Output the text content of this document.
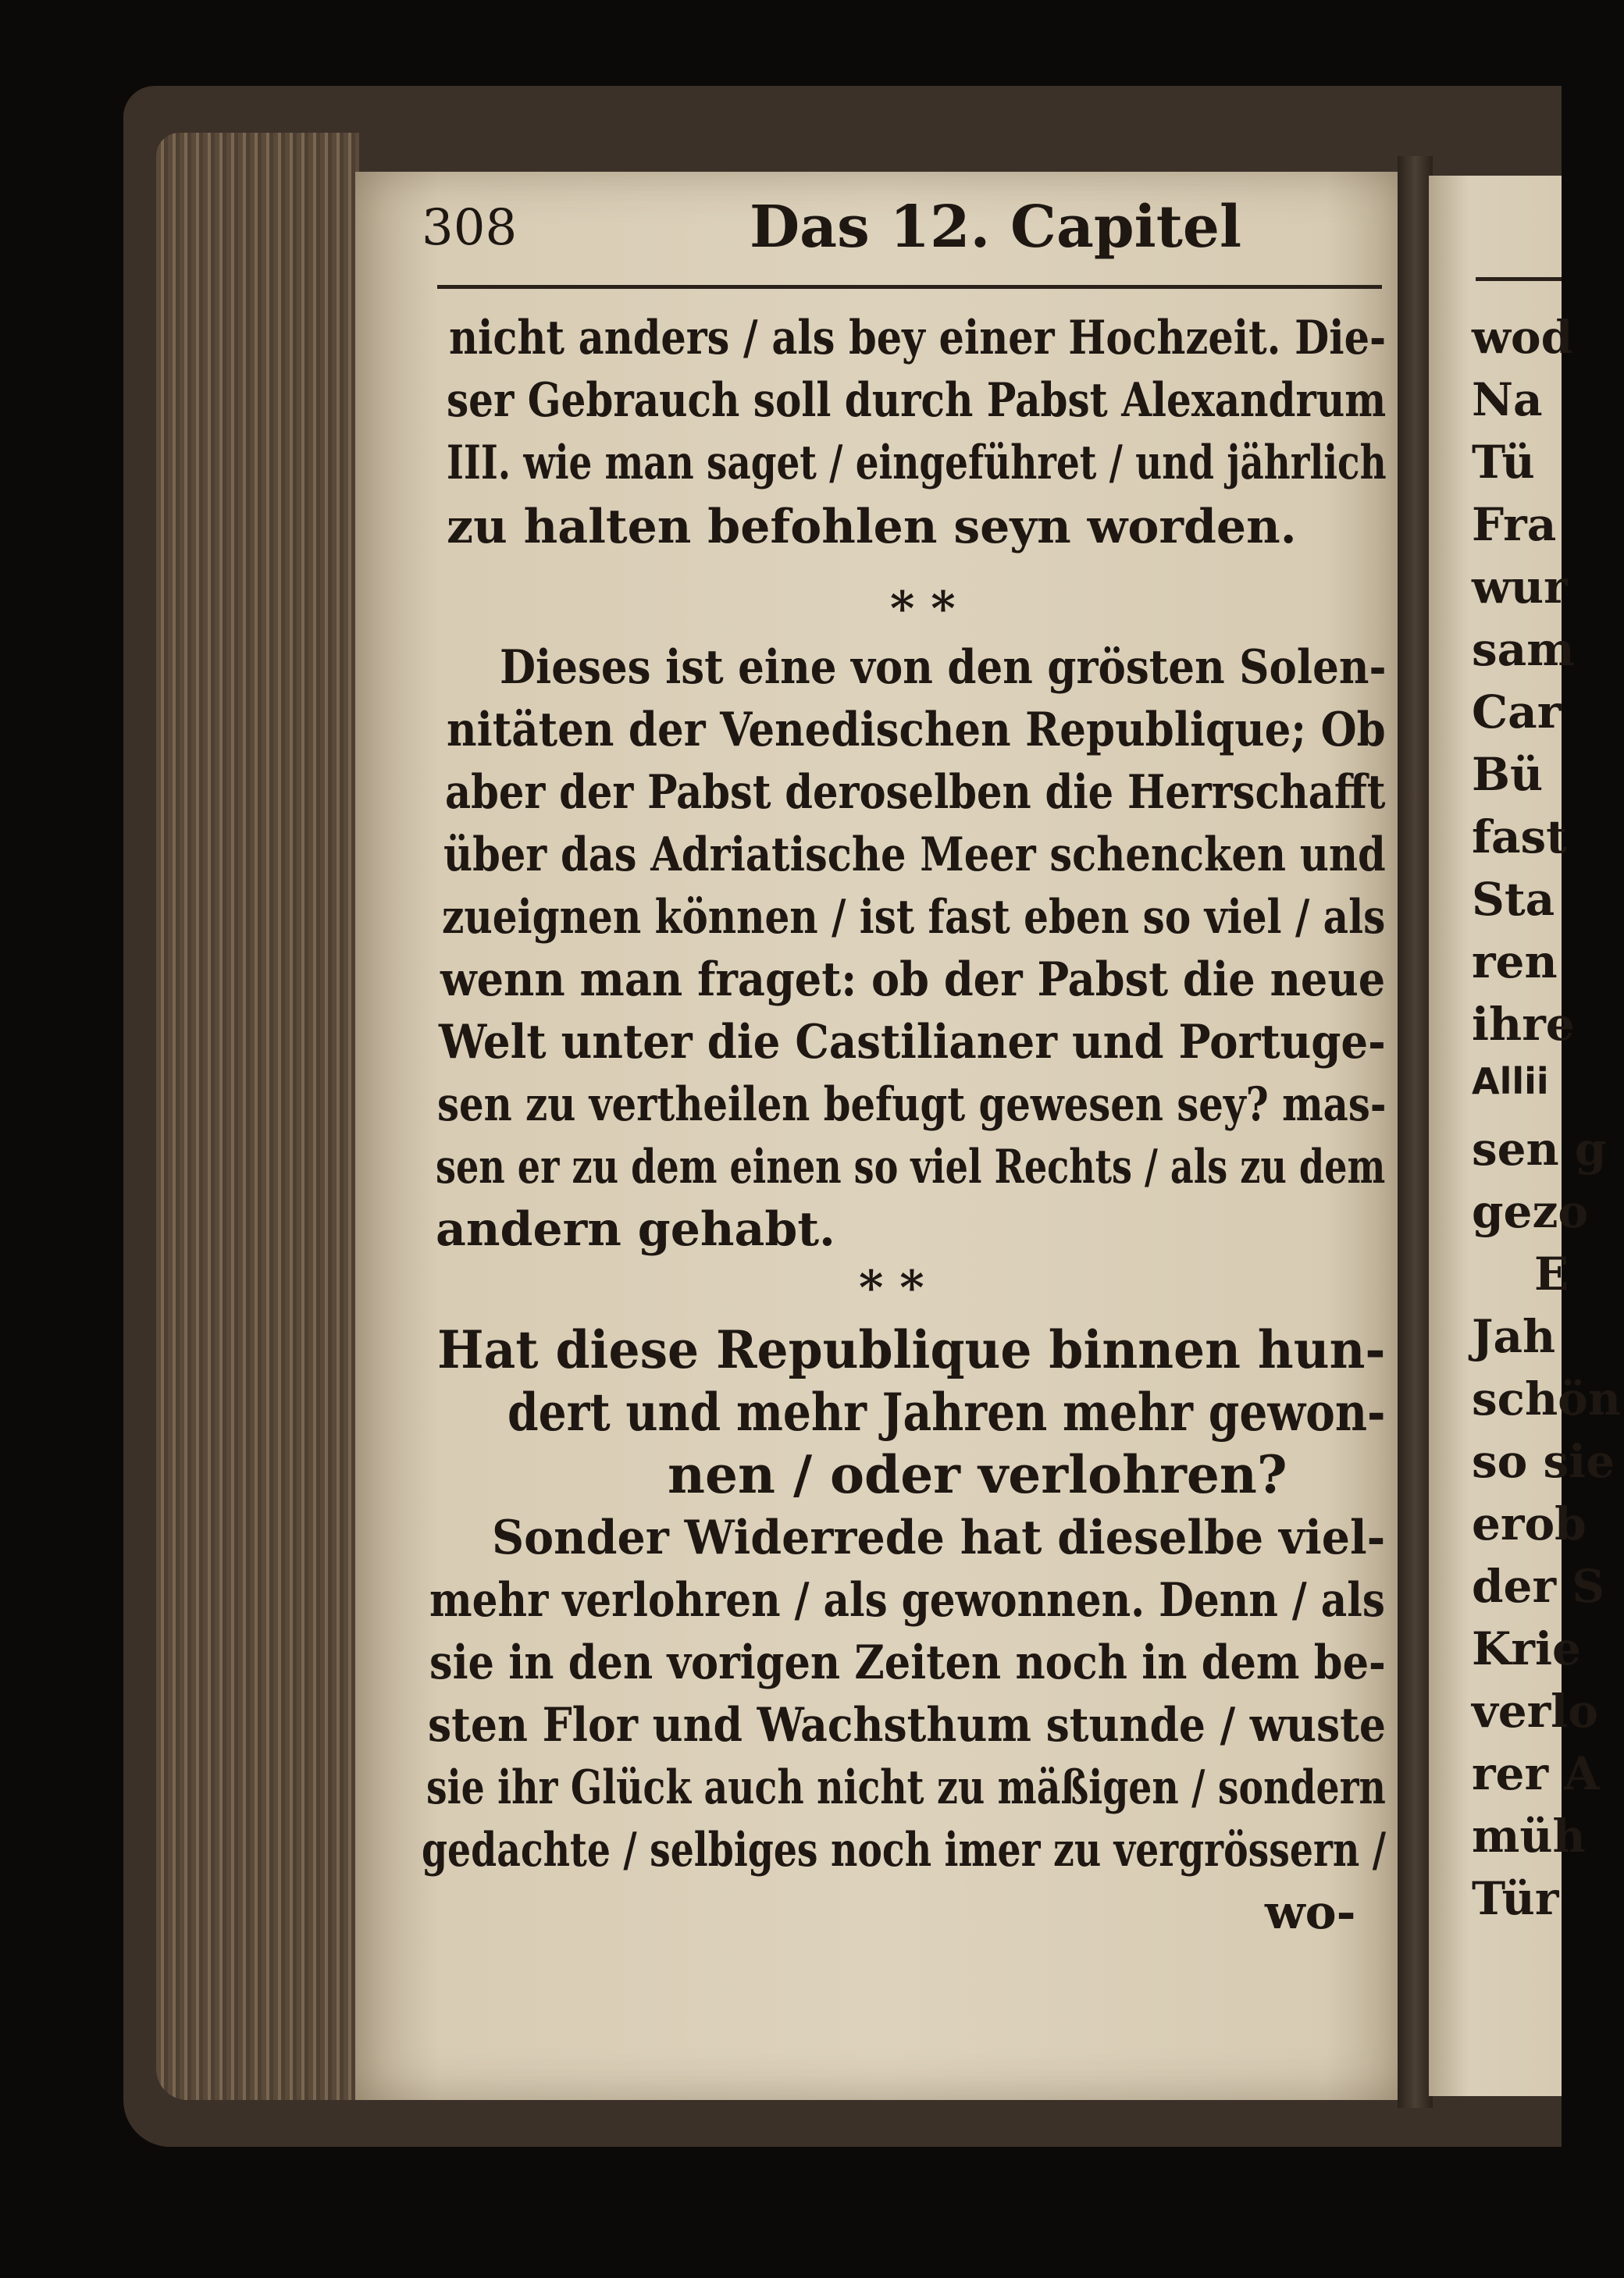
308	Das 12. Capitel
nicht anders / als bey einer Hochzeit. Die-
ser Gebrauch soll durch Pabst Alexandrum
III. wie man saget / eingeführet / und jährlich
zu halten befohlen seyn worden.
* *
Dieses ist eine von den grösten Solen-
nitäten der Venedischen Republique; Ob
aber der Pabst deroselben die Herrschafft
über das Adriatische Meer schencken und
zueignen können / ist fast eben so viel / als
wenn man fraget: ob der Pabst die neue
Welt unter die Castilianer und Portuge-
sen zu vertheilen befugt gewesen sey? mas-
sen er zu dem einen so viel Rechts / als zu dem
andern gehabt.
* *
Hat diese Republique binnen hun-
dert und mehr Jahren mehr gewon-
nen / oder verlohren?
Sonder Widerrede hat dieselbe viel-
mehr verlohren / als gewonnen. Denn / als
sie in den vorigen Zeiten noch in dem be-
sten Flor und Wachsthum stunde / wuste
sie ihr Glück auch nicht zu mäßigen / sondern
gedachte / selbiges noch imer zu vergrössern /
wo-
wod
Na
Tü
Fra
wur
sam
Car
Bü
fast
Sta
ren
ihre
Allii
sen g
gezo
E
Jah
schön
so sie
erob
der S
Krie
verlo
rer A
müh
Tür
